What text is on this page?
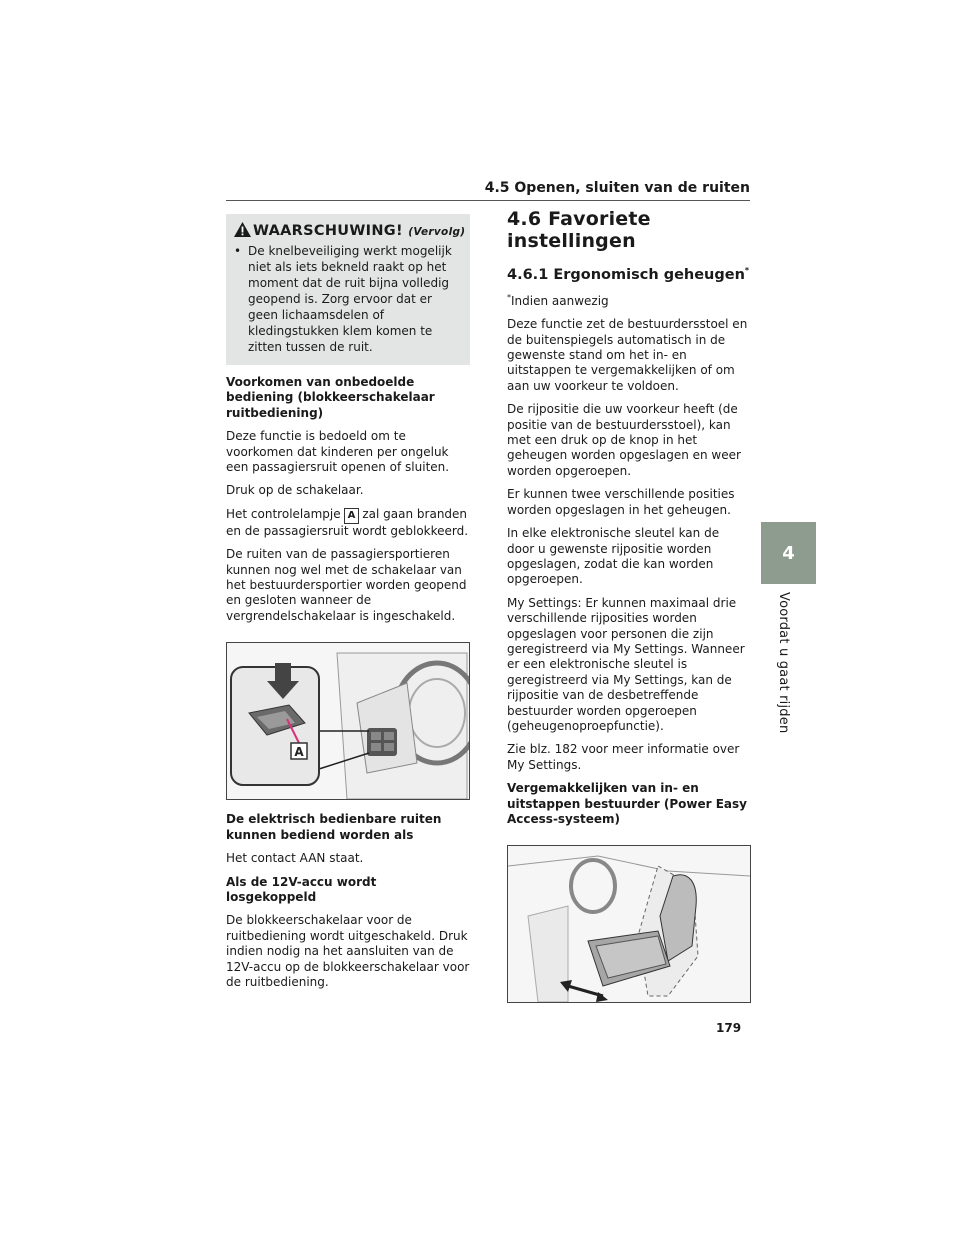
4.5 Openen, sluiten van de ruiten
4
Voordat u gaat rijden
WAARSCHUWING! (Vervolg)
• De knelbeveiliging werkt mogelijk niet als iets bekneld raakt op het moment dat de ruit bijna volledig geopend is. Zorg ervoor dat er geen lichaamsdelen of kledingstukken klem komen te zitten tussen de ruit.

Voorkomen van onbedoelde bediening (blokkeerschakelaar ruitbediening)

Deze functie is bedoeld om te voorkomen dat kinderen per ongeluk een passagiersruit openen of sluiten.

Druk op de schakelaar.

Het controlelampje A zal gaan branden en de passagiersruit wordt geblokkeerd.

De ruiten van de passagiersportieren kunnen nog wel met de schakelaar van het bestuurdersportier worden geopend en gesloten wanneer de vergrendelschakelaar is ingeschakeld.

A

De elektrisch bedienbare ruiten kunnen bediend worden als

Het contact AAN staat.

Als de 12V-accu wordt losgekoppeld

De blokkeerschakelaar voor de ruitbediening wordt uitgeschakeld. Druk indien nodig na het aansluiten van de 12V-accu op de blokkeerschakelaar voor de ruitbediening.

4.6 Favoriete instellingen
4.6.1 Ergonomisch geheugen*

*Indien aanwezig

Deze functie zet de bestuurdersstoel en de buitenspiegels automatisch in de gewenste stand om het in- en uitstappen te vergemakkelijken of om aan uw voorkeur te voldoen.

De rijpositie die uw voorkeur heeft (de positie van de bestuurdersstoel), kan met een druk op de knop in het geheugen worden opgeslagen en weer worden opgeroepen.

Er kunnen twee verschillende posities worden opgeslagen in het geheugen.

In elke elektronische sleutel kan de door u gewenste rijpositie worden opgeslagen, zodat die kan worden opgeroepen.

My Settings: Er kunnen maximaal drie verschillende rijposities worden opgeslagen voor personen die zijn geregistreerd via My Settings. Wanneer er een elektronische sleutel is geregistreerd via My Settings, kan de rijpositie van de desbetreffende bestuurder worden opgeroepen (geheugenoproepfunctie).

Zie blz. 182 voor meer informatie over My Settings.

Vergemakkelijken van in- en uitstappen bestuurder (Power Easy Access-systeem)

179
